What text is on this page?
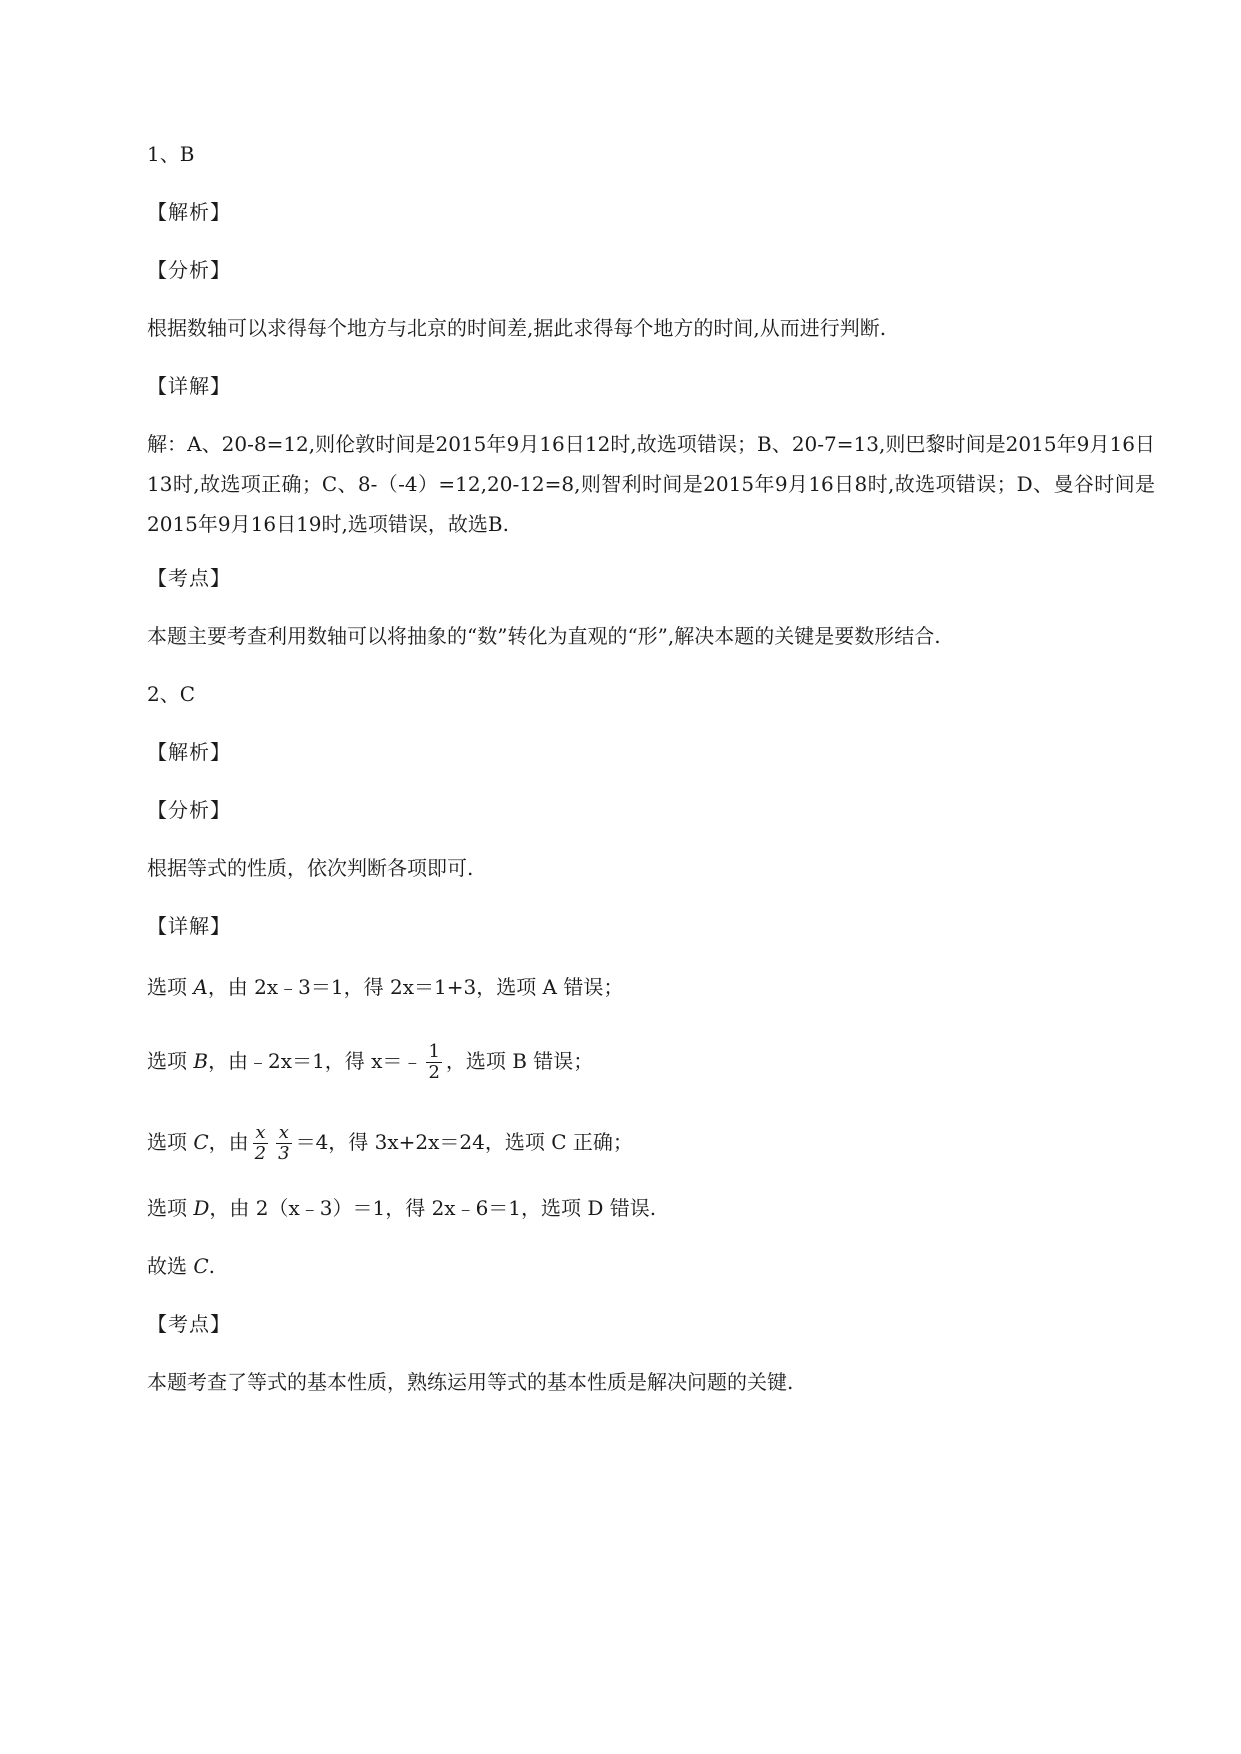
1、B
【解析】
【分析】
根据数轴可以求得每个地方与北京的时间差,据此求得每个地方的时间,从而进行判断.
【详解】
解：A、20-8=12,则伦敦时间是2015年9月16日12时,故选项错误；B、20-7=13,则巴黎时间是2015年9月16日13时,故选项正确；C、8-（-4）=12,20-12=8,则智利时间是2015年9月16日8时,故选项错误；D、曼谷时间是2015年9月16日19时,选项错误，故选B.
【考点】
本题主要考查利用数轴可以将抽象的“数”转化为直观的“形”,解决本题的关键是要数形结合.
2、C
【解析】
【分析】
根据等式的性质，依次判断各项即可.
【详解】
选项 A，由 2x﹣3＝1，得 2x＝1+3，选项 A 错误；
选项 B，由﹣2x＝1，得 x＝﹣ $\frac{1}{2}$ ，选项 B 错误；
选项 C，由 $\frac{x}{2} \frac{x}{3} =4$，得 3x+2x＝24，选项 C 正确；
选项 D，由 2（x﹣3）＝1，得 2x﹣6＝1，选项 D 错误.
故选 C.
【考点】
本题考查了等式的基本性质，熟练运用等式的基本性质是解决问题的关键.
